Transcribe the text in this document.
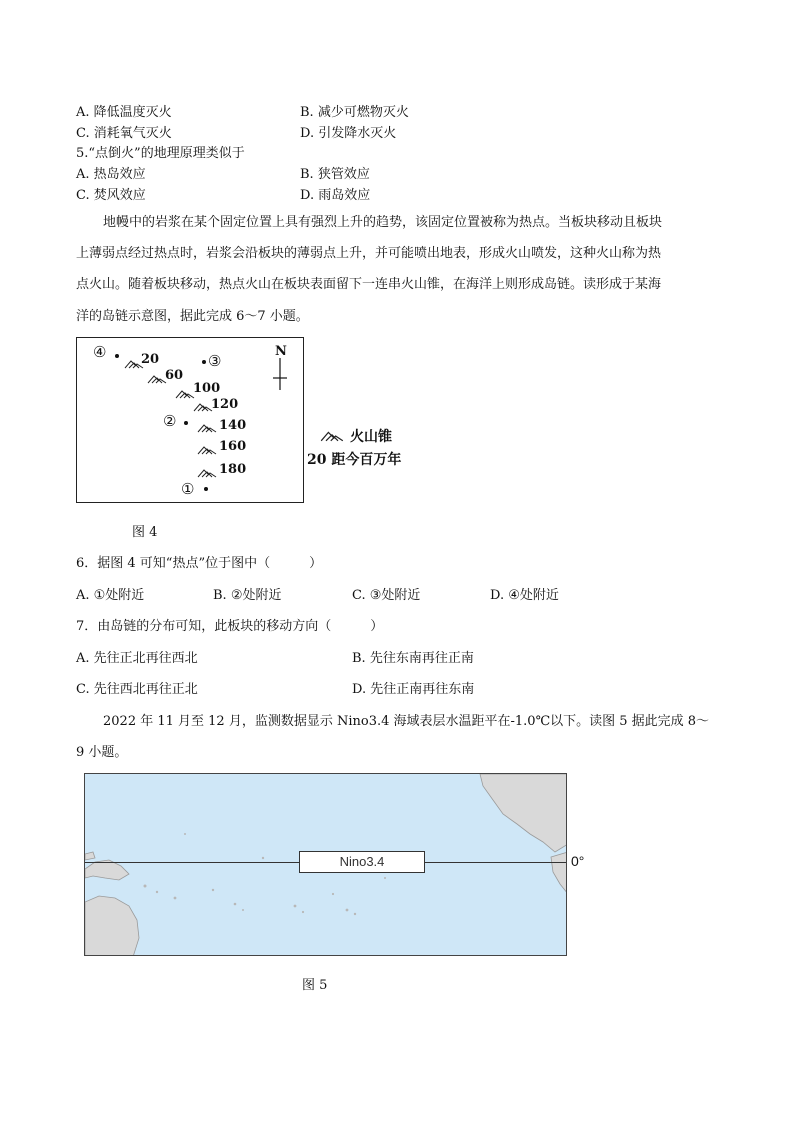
A. 降低温度灭火	B. 减少可燃物灭火
C. 消耗氧气灭火	D. 引发降水灭火
5.“点倒火”的地理原理类似于
A. 热岛效应	B. 狭管效应
C. 焚风效应	D. 雨岛效应
地幔中的岩浆在某个固定位置上具有强烈上升的趋势，该固定位置被称为热点。当板块移动且板块
上薄弱点经过热点时，岩浆会沿板块的薄弱点上升，并可能喷出地表，形成火山喷发，这种火山称为热
点火山。随着板块移动，热点火山在板块表面留下一连串火山锥，在海洋上则形成岛链。读形成于某海
洋的岛链示意图，据此完成 6～7 小题。
④	③
N
20
60
100
120
②	140
160
180
①
火山锥
20 距今百万年
图 4
6．据图 4 可知“热点”位于图中（　　　）
A. ①处附近	B. ②处附近	C. ③处附近	D. ④处附近
7．由岛链的分布可知，此板块的移动方向（　　　）
A. 先往正北再往西北	B. 先往东南再往正南
C. 先往西北再往正北	D. 先往正南再往东南
2022 年 11 月至 12 月，监测数据显示 Nino3.4 海域表层水温距平在-1.0℃以下。读图 5 据此完成 8～
9 小题。
Nino3.4	0°
图 5
